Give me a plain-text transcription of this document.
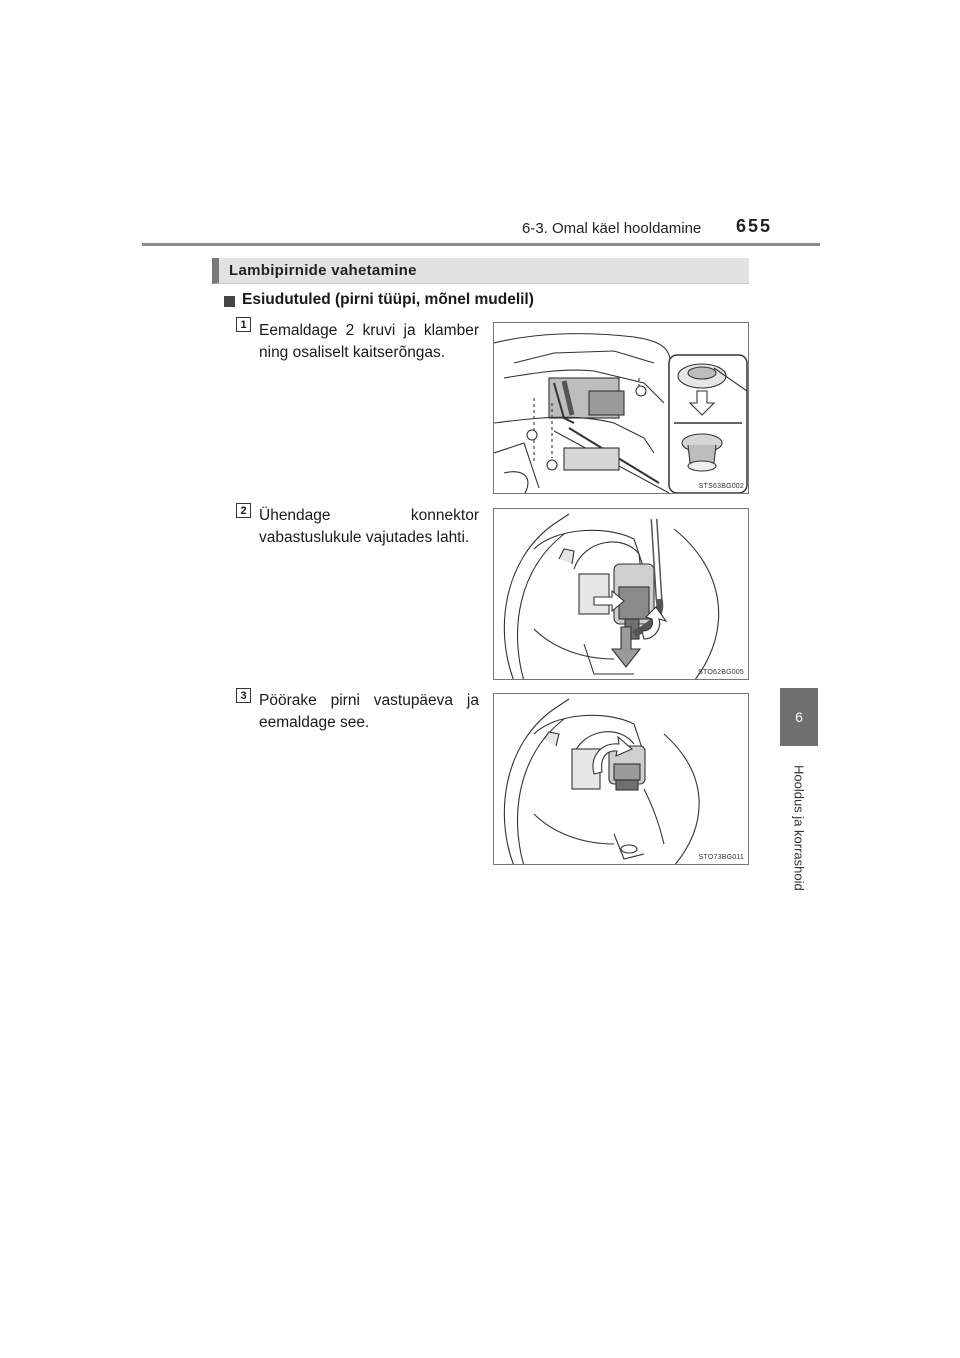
6-3. Omal käel hooldamine 655
6
Hooldus ja korrashoid
Lambipirnide vahetamine
Esiudutuled (pirni tüüpi, mõnel mudelil)
1 Eemaldage 2 kruvi ja klamber ning osaliselt kaitserõngas.
STS63BG002
2 Ühendage konnektor vabastuslukule vajutades lahti.
STO62BG005
3 Pöörake pirni vastupäeva ja eemaldage see.
STO73BG011
